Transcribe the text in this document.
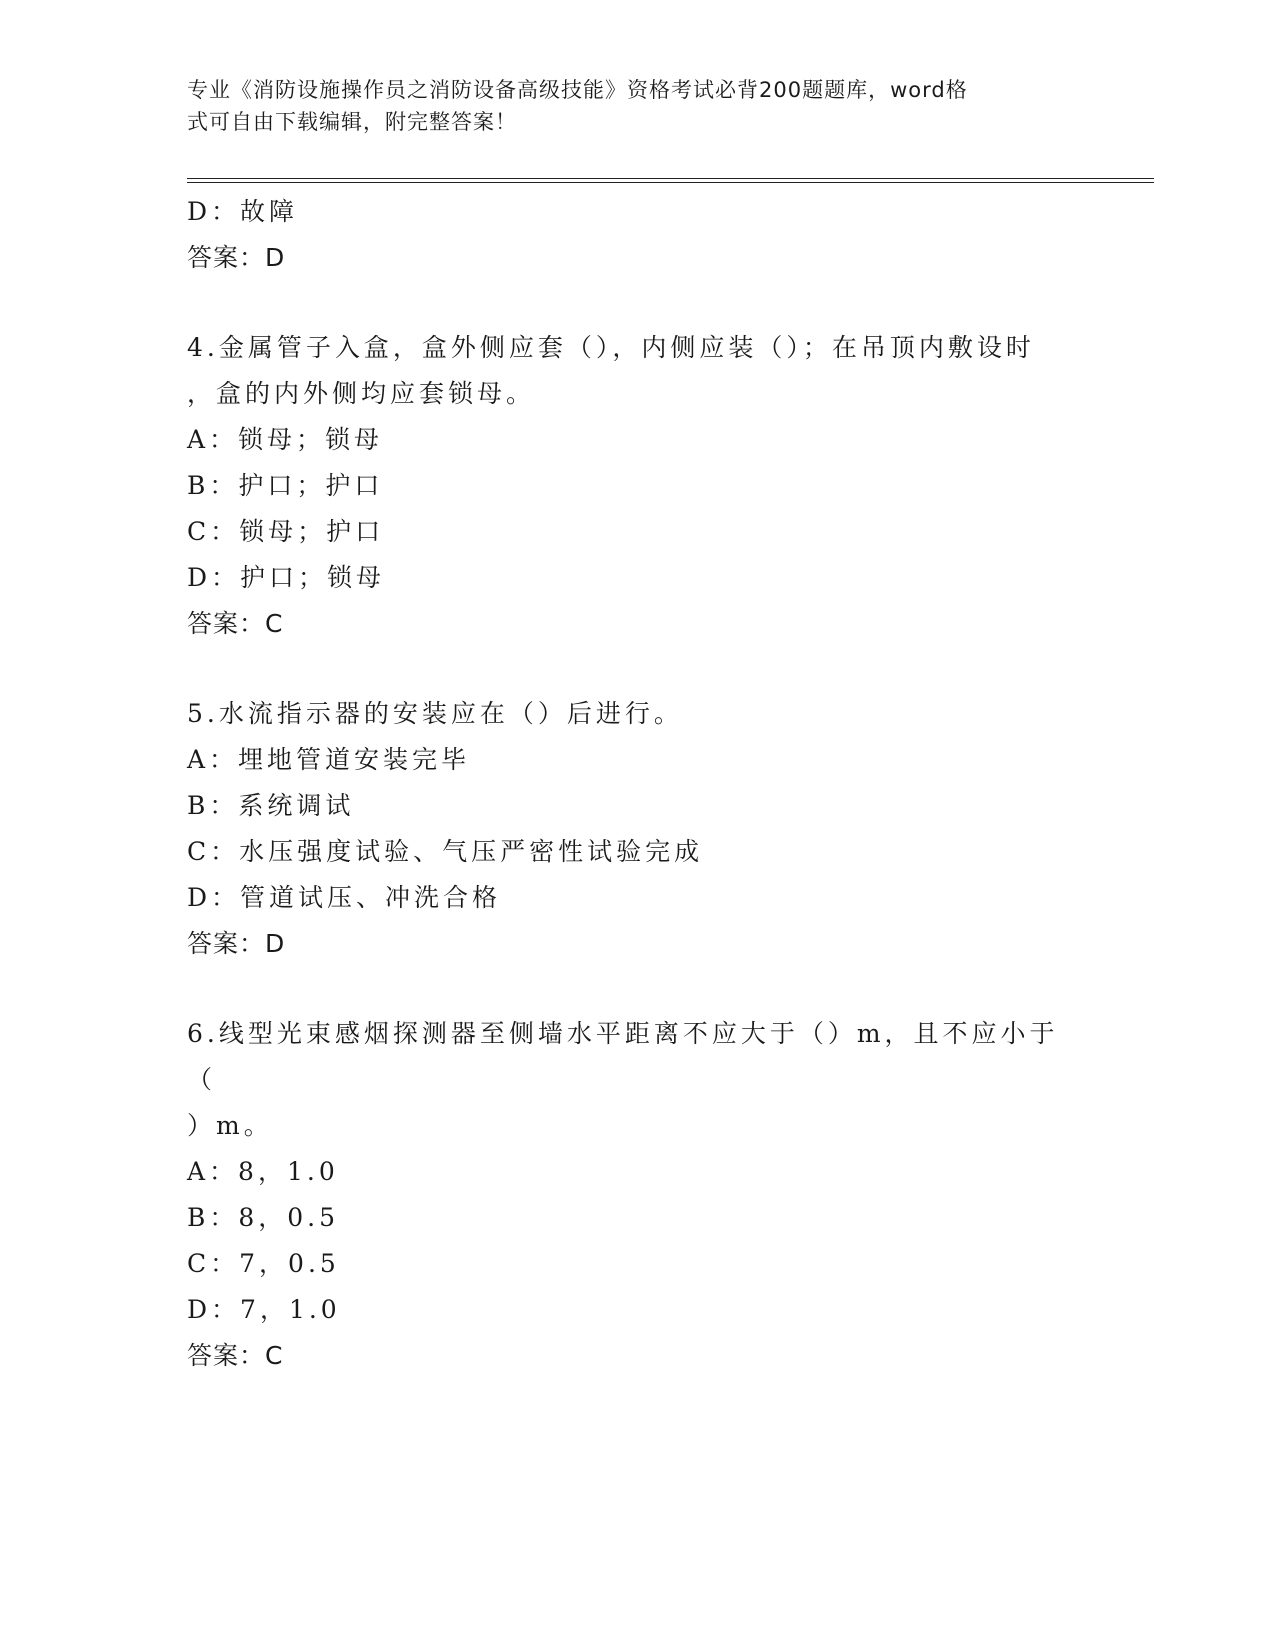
专业《消防设施操作员之消防设备高级技能》资格考试必背200题题库，word格
式可自由下载编辑，附完整答案！
D：故障
答案：D
4.金属管子入盒，盒外侧应套（），内侧应装（）；在吊顶内敷设时
，盒的内外侧均应套锁母。
A：锁母；锁母
B：护口；护口
C：锁母；护口
D：护口；锁母
答案：C
5.水流指示器的安装应在（）后进行。
A：埋地管道安装完毕
B：系统调试
C：水压强度试验、气压严密性试验完成
D：管道试压、冲洗合格
答案：D
6.线型光束感烟探测器至侧墙水平距离不应大于（）m，且不应小于（
）m。
A：8，1.0
B：8，0.5
C：7，0.5
D：7，1.0
答案：C
